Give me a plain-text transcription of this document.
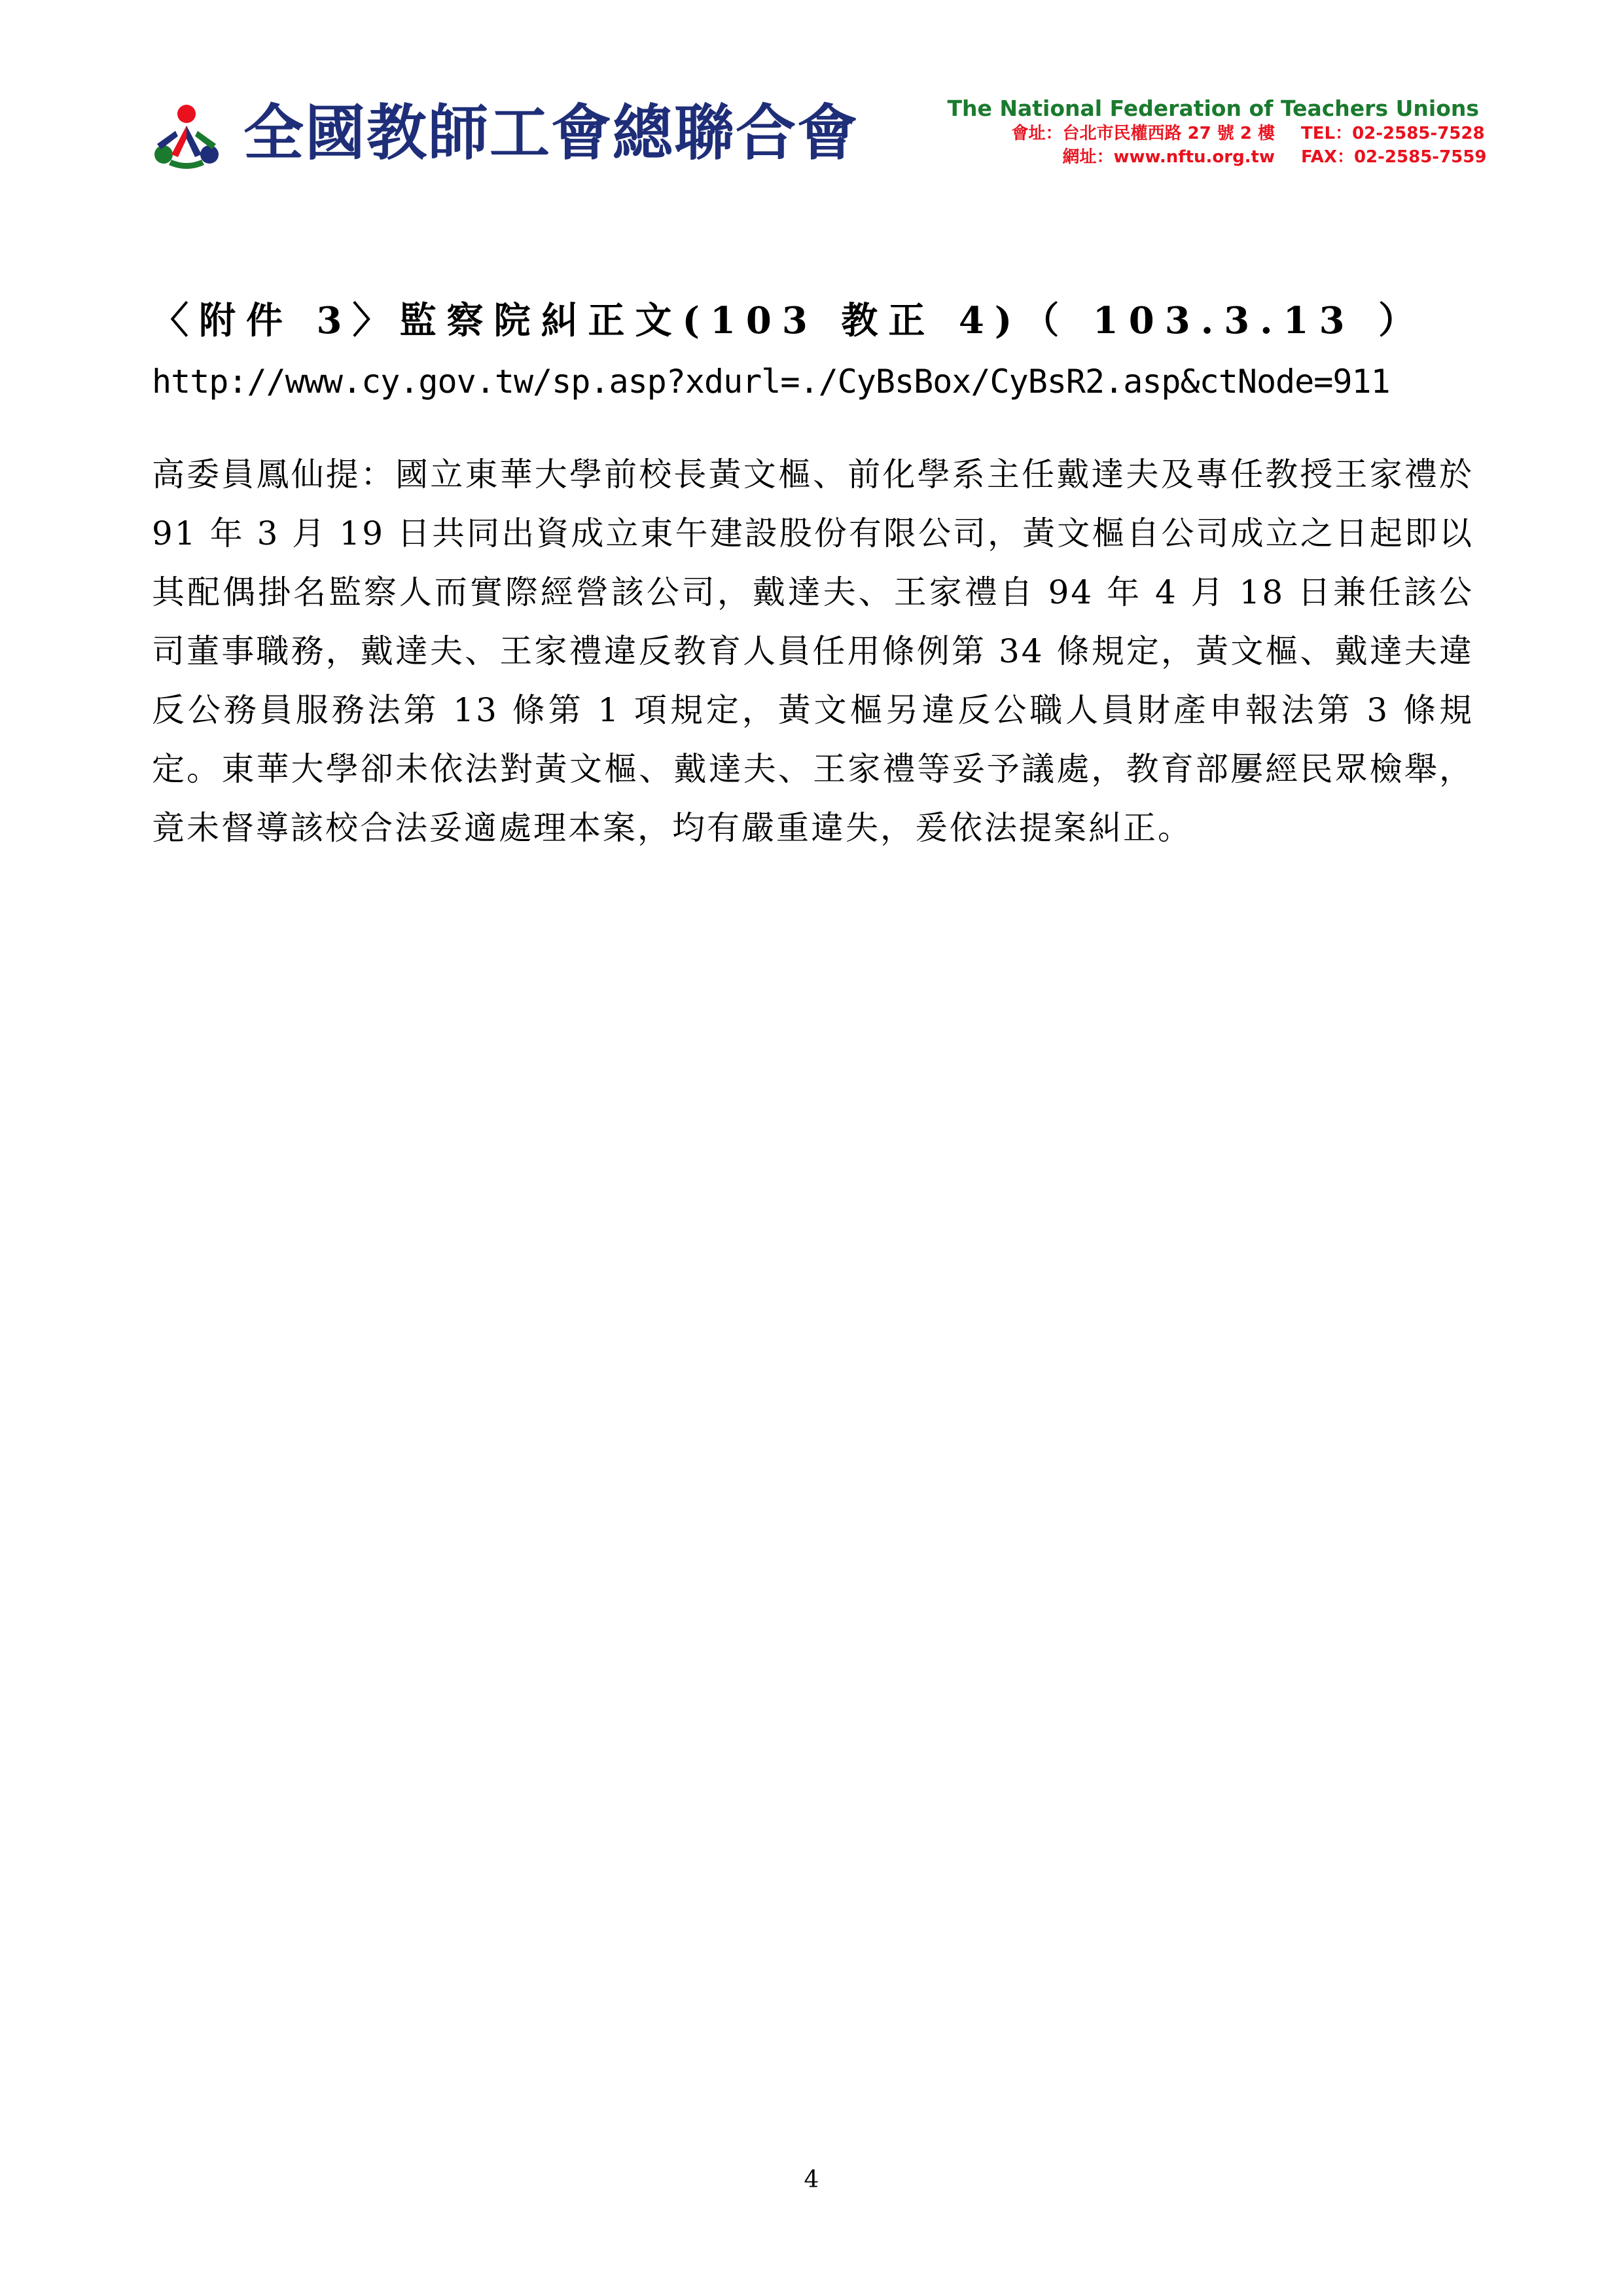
全國教師工會總聯合會	The National Federation of Teachers Unions
會址：台北市民權西路 27 號 2 樓 TEL：02-2585-7528
網址：www.nftu.org.tw FAX：02-2585-7559
〈附件 3〉監察院糾正文(103 教正 4)（ 103.3.13 ）
http://www.cy.gov.tw/sp.asp?xdurl=./CyBsBox/CyBsR2.asp&ctNode=911
高委員鳳仙提：國立東華大學前校長黃文樞、前化學系主任戴達夫及專任教授王家禮於 91 年 3 月 19 日共同出資成立東午建設股份有限公司，黃文樞自公司成立之日起即以其配偶掛名監察人而實際經營該公司，戴達夫、王家禮自 94 年 4 月 18 日兼任該公司董事職務，戴達夫、王家禮違反教育人員任用條例第 34 條規定，黃文樞、戴達夫違反公務員服務法第 13 條第 1 項規定，黃文樞另違反公職人員財產申報法第 3 條規定。東華大學卻未依法對黃文樞、戴達夫、王家禮等妥予議處，教育部屢經民眾檢舉，竟未督導該校合法妥適處理本案，均有嚴重違失，爰依法提案糾正。
4
